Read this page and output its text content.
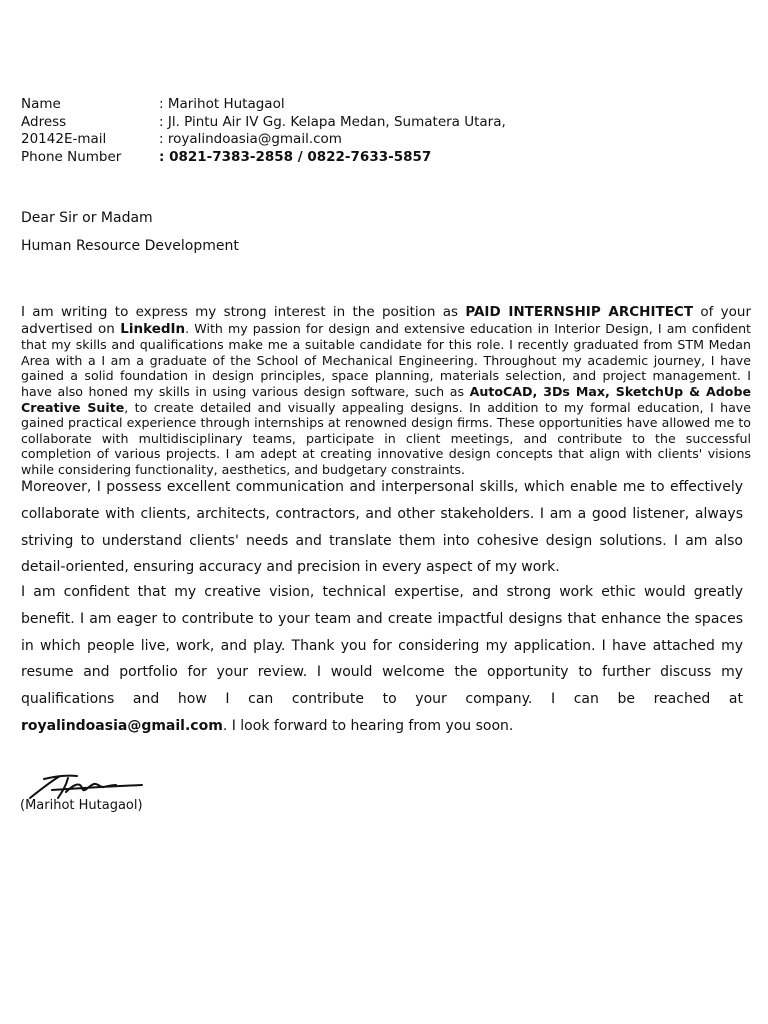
Name	: Marihot Hutagaol
Adress	: Jl. Pintu Air IV Gg. Kelapa Medan, Sumatera Utara,
20142E-mail	: royalindoasia@gmail.com
Phone Number	: 0821-7383-2858 / 0822-7633-5857

Dear Sir or Madam

Human Resource Development

I am writing to express my strong interest in the position as PAID INTERNSHIP ARCHITECT of your advertised on LinkedIn. With my passion for design and extensive education in Interior Design, I am confident that my skills and qualifications make me a suitable candidate for this role. I recently graduated from STM Medan Area with a I am a graduate of the School of Mechanical Engineering. Throughout my academic journey, I have gained a solid foundation in design principles, space planning, materials selection, and project management. I have also honed my skills in using various design software, such as AutoCAD, 3Ds Max, SketchUp & Adobe Creative Suite, to create detailed and visually appealing designs. In addition to my formal education, I have gained practical experience through internships at renowned design firms. These opportunities have allowed me to collaborate with multidisciplinary teams, participate in client meetings, and contribute to the successful completion of various projects. I am adept at creating innovative design concepts that align with clients' visions while considering functionality, aesthetics, and budgetary constraints.

Moreover, I possess excellent communication and interpersonal skills, which enable me to effectively collaborate with clients, architects, contractors, and other stakeholders. I am a good listener, always striving to understand clients' needs and translate them into cohesive design solutions. I am also detail-oriented, ensuring accuracy and precision in every aspect of my work.

I am confident that my creative vision, technical expertise, and strong work ethic would greatly benefit. I am eager to contribute to your team and create impactful designs that enhance the spaces in which people live, work, and play. Thank you for considering my application. I have attached my resume and portfolio for your review. I would welcome the opportunity to further discuss my qualifications and how I can contribute to your company. I can be reached at royalindoasia@gmail.com. I look forward to hearing from you soon.

(Marihot Hutagaol)
